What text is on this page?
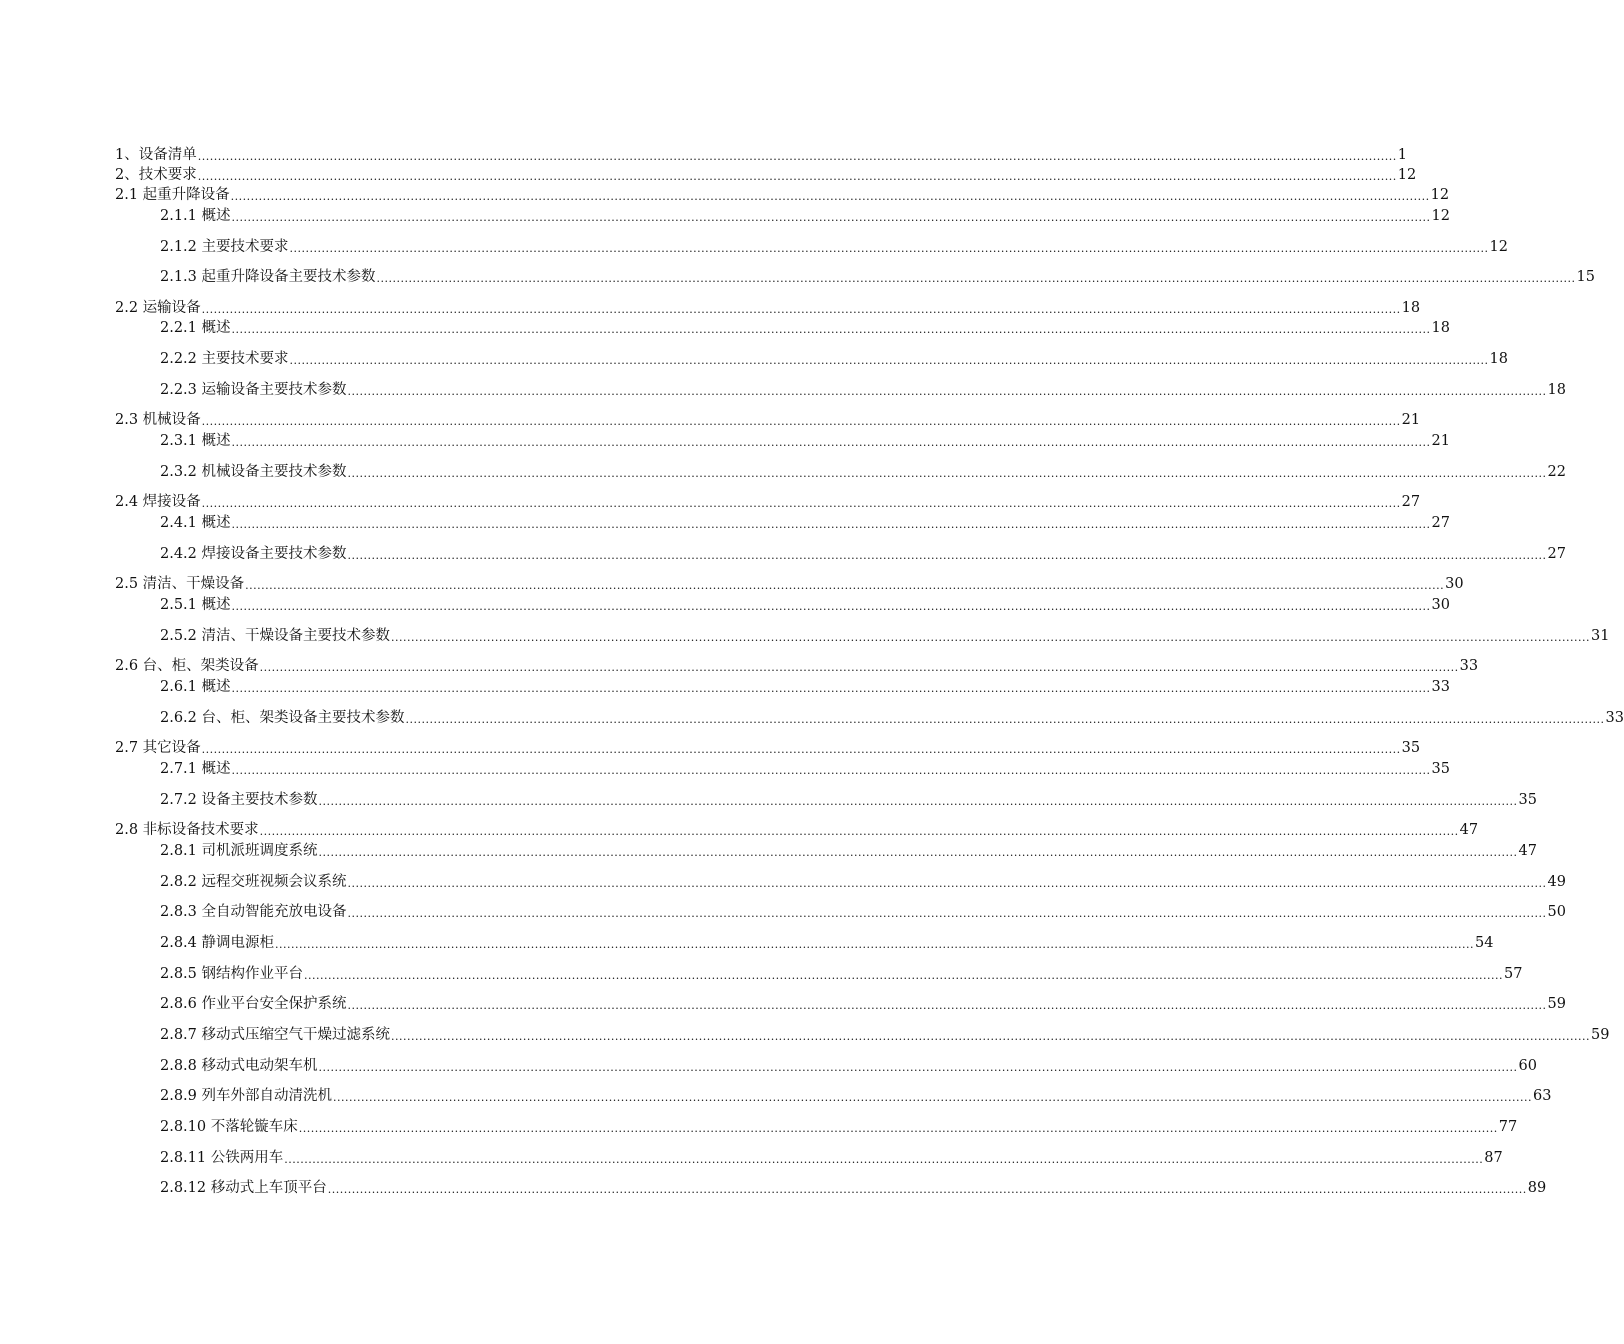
1、设备清单 ............................................................................................................................................................................................................................................................................................................ 1
2、技术要求 ............................................................................................................................................................................................................................................................................................................ 12
2.1 起重升降设备 ............................................................................................................................................................................................................................................................................................................ 12
2.1.1 概述 ............................................................................................................................................................................................................................................................................................................ 12
2.1.2 主要技术要求 ............................................................................................................................................................................................................................................................................................................ 12
2.1.3 起重升降设备主要技术参数 ............................................................................................................................................................................................................................................................................................................ 15
2.2 运输设备 ............................................................................................................................................................................................................................................................................................................ 18
2.2.1 概述 ............................................................................................................................................................................................................................................................................................................ 18
2.2.2 主要技术要求 ............................................................................................................................................................................................................................................................................................................ 18
2.2.3 运输设备主要技术参数 ............................................................................................................................................................................................................................................................................................................ 18
2.3 机械设备 ............................................................................................................................................................................................................................................................................................................ 21
2.3.1 概述 ............................................................................................................................................................................................................................................................................................................ 21
2.3.2 机械设备主要技术参数 ............................................................................................................................................................................................................................................................................................................ 22
2.4 焊接设备 ............................................................................................................................................................................................................................................................................................................ 27
2.4.1 概述 ............................................................................................................................................................................................................................................................................................................ 27
2.4.2 焊接设备主要技术参数 ............................................................................................................................................................................................................................................................................................................ 27
2.5 清洁、干燥设备 ............................................................................................................................................................................................................................................................................................................ 30
2.5.1 概述 ............................................................................................................................................................................................................................................................................................................ 30
2.5.2 清洁、干燥设备主要技术参数 ............................................................................................................................................................................................................................................................................................................ 31
2.6 台、柜、架类设备 ............................................................................................................................................................................................................................................................................................................ 33
2.6.1 概述 ............................................................................................................................................................................................................................................................................................................ 33
2.6.2 台、柜、架类设备主要技术参数 ............................................................................................................................................................................................................................................................................................................ 33
2.7 其它设备 ............................................................................................................................................................................................................................................................................................................ 35
2.7.1 概述 ............................................................................................................................................................................................................................................................................................................ 35
2.7.2 设备主要技术参数 ............................................................................................................................................................................................................................................................................................................ 35
2.8 非标设备技术要求 ............................................................................................................................................................................................................................................................................................................ 47
2.8.1 司机派班调度系统 ............................................................................................................................................................................................................................................................................................................ 47
2.8.2 远程交班视频会议系统 ............................................................................................................................................................................................................................................................................................................ 49
2.8.3 全自动智能充放电设备 ............................................................................................................................................................................................................................................................................................................ 50
2.8.4 静调电源柜 ............................................................................................................................................................................................................................................................................................................ 54
2.8.5 钢结构作业平台 ............................................................................................................................................................................................................................................................................................................ 57
2.8.6 作业平台安全保护系统 ............................................................................................................................................................................................................................................................................................................ 59
2.8.7 移动式压缩空气干燥过滤系统 ............................................................................................................................................................................................................................................................................................................ 59
2.8.8 移动式电动架车机 ............................................................................................................................................................................................................................................................................................................ 60
2.8.9 列车外部自动清洗机 ............................................................................................................................................................................................................................................................................................................ 63
2.8.10 不落轮镟车床 ............................................................................................................................................................................................................................................................................................................ 77
2.8.11 公铁两用车 ............................................................................................................................................................................................................................................................................................................ 87
2.8.12 移动式上车顶平台 ............................................................................................................................................................................................................................................................................................................ 89
